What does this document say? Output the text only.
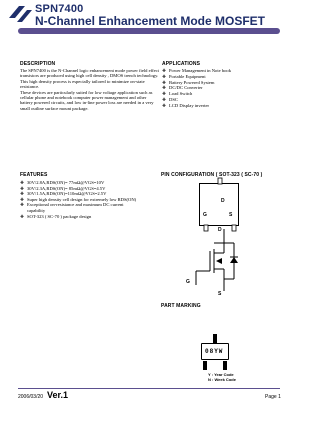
SPN7400
N-Channel Enhancement Mode MOSFET
DESCRIPTION

The SPN7400 is the N-Channel logic enhancement mode power field effect transistors are produced using high cell density , DMOS trench technology.

This high density process is especially tailored to minimize on-state resistance.

These devices are particularly suited for low voltage application such as cellular phone and notebook computer power management and other battery powered circuits, and low in-line power loss are needed in a very small outline surface mount package.

APPLICATIONS
❖ Power Management in Note book
❖ Portable Equipment
❖ Battery Powered System
❖ DC/DC Converter
❖ Load Switch
❖ DSC
❖ LCD Display inverter
FEATURES
❖ 30V/2.8A,RDS(ON)= 77mΩ@VGS=10V
❖ 30V/2.3A,RDS(ON)= 85mΩ@VGS=4.5V
❖ 30V/1.5A,RDS(ON)=110mΩ@VGS=2.5V
❖ Super high density cell design for extremely low RDS(ON)
❖ Exceptional on-resistance and maximum DC current capability
❖ SOT-323 ( SC-70 ) package design
PIN CONFIGURATION ( SOT-323 ( SC-70 )
D
G	S
D
G
S
PART MARKING
08YW
Y : Year Code
N : Week Code
2006/03/20 Ver.1	Page 1
